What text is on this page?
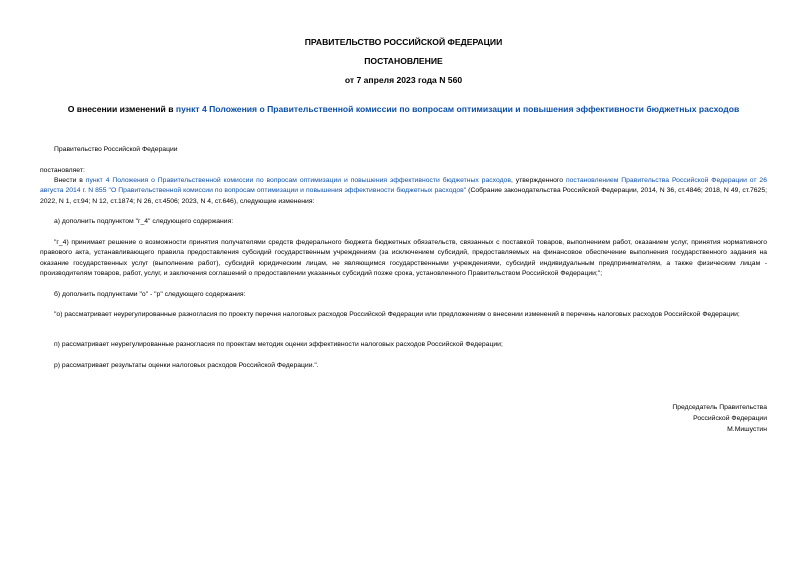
ПРАВИТЕЛЬСТВО РОССИЙСКОЙ ФЕДЕРАЦИИ
ПОСТАНОВЛЕНИЕ
от 7 апреля 2023 года N 560
О внесении изменений в пункт 4 Положения о Правительственной комиссии по вопросам оптимизации и повышения эффективности бюджетных расходов
Правительство Российской Федерации
постановляет:
Внести в пункт 4 Положения о Правительственной комиссии по вопросам оптимизации и повышения эффективности бюджетных расходов, утвержденного постановлением Правительства Российской Федерации от 26 августа 2014 г. N 855 "О Правительственной комиссии по вопросам оптимизации и повышения эффективности бюджетных расходов" (Собрание законодательства Российской Федерации, 2014, N 36, ст.4846; 2018, N 49, ст.7625; 2022, N 1, ст.94; N 12, ст.1874; N 26, ст.4506; 2023, N 4, ст.646), следующие изменения:
а) дополнить подпунктом "г_4" следующего содержания:
"г_4) принимает решение о возможности принятия получателями средств федерального бюджета бюджетных обязательств, связанных с поставкой товаров, выполнением работ, оказанием услуг, принятия нормативного правового акта, устанавливающего правила предоставления субсидий государственным учреждениям (за исключением субсидий, предоставляемых на финансовое обеспечение выполнения государственного задания на оказание государственных услуг (выполнение работ), субсидий юридическим лицам, не являющимся государственными учреждениями, субсидий индивидуальным предпринимателям, а также физическим лицам - производителям товаров, работ, услуг, и заключения соглашений о предоставлении указанных субсидий позже срока, установленного Правительством Российской Федерации;";
б) дополнить подпунктами "о" - "р" следующего содержания:
"о) рассматривает неурегулированные разногласия по проекту перечня налоговых расходов Российской Федерации или предложениям о внесении изменений в перечень налоговых расходов Российской Федерации;
п) рассматривает неурегулированные разногласия по проектам методик оценки эффективности налоговых расходов Российской Федерации;
р) рассматривает результаты оценки налоговых расходов Российской Федерации.".
Председатель Правительства
Российской Федерации
М.Мишустин
